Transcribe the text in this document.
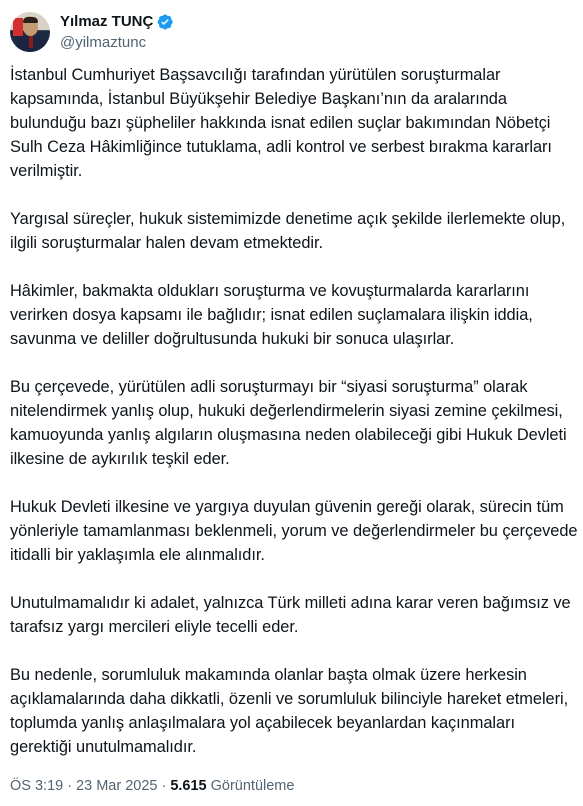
Yılmaz TUNÇ
@yilmaztunc

İstanbul Cumhuriyet Başsavcılığı tarafından yürütülen soruşturmalar kapsamında, İstanbul Büyükşehir Belediye Başkanı’nın da aralarında bulunduğu bazı şüpheliler hakkında isnat edilen suçlar bakımından Nöbetçi Sulh Ceza Hâkimliğince tutuklama, adli kontrol ve serbest bırakma kararları verilmiştir.

Yargısal süreçler, hukuk sistemimizde denetime açık şekilde ilerlemekte olup, ilgili soruşturmalar halen devam etmektedir.

Hâkimler, bakmakta oldukları soruşturma ve kovuşturmalarda kararlarını verirken dosya kapsamı ile bağlıdır; isnat edilen suçlamalara ilişkin iddia, savunma ve deliller doğrultusunda hukuki bir sonuca ulaşırlar.

Bu çerçevede, yürütülen adli soruşturmayı bir “siyasi soruşturma” olarak nitelendirmek yanlış olup, hukuki değerlendirmelerin siyasi zemine çekilmesi, kamuoyunda yanlış algıların oluşmasına neden olabileceği gibi Hukuk Devleti ilkesine de aykırılık teşkil eder.

Hukuk Devleti ilkesine ve yargıya duyulan güvenin gereği olarak, sürecin tüm yönleriyle tamamlanması beklenmeli, yorum ve değerlendirmeler bu çerçevede itidalli bir yaklaşımla ele alınmalıdır.

Unutulmamalıdır ki adalet, yalnızca Türk milleti adına karar veren bağımsız ve tarafsız yargı mercileri eliyle tecelli eder.

Bu nedenle, sorumluluk makamında olanlar başta olmak üzere herkesin açıklamalarında daha dikkatli, özenli ve sorumluluk bilinciyle hareket etmeleri, toplumda yanlış anlaşılmalara yol açabilecek beyanlardan kaçınmaları gerektiği unutulmamalıdır.

ÖS 3:19 · 23 Mar 2025 · 5.615 Görüntüleme
